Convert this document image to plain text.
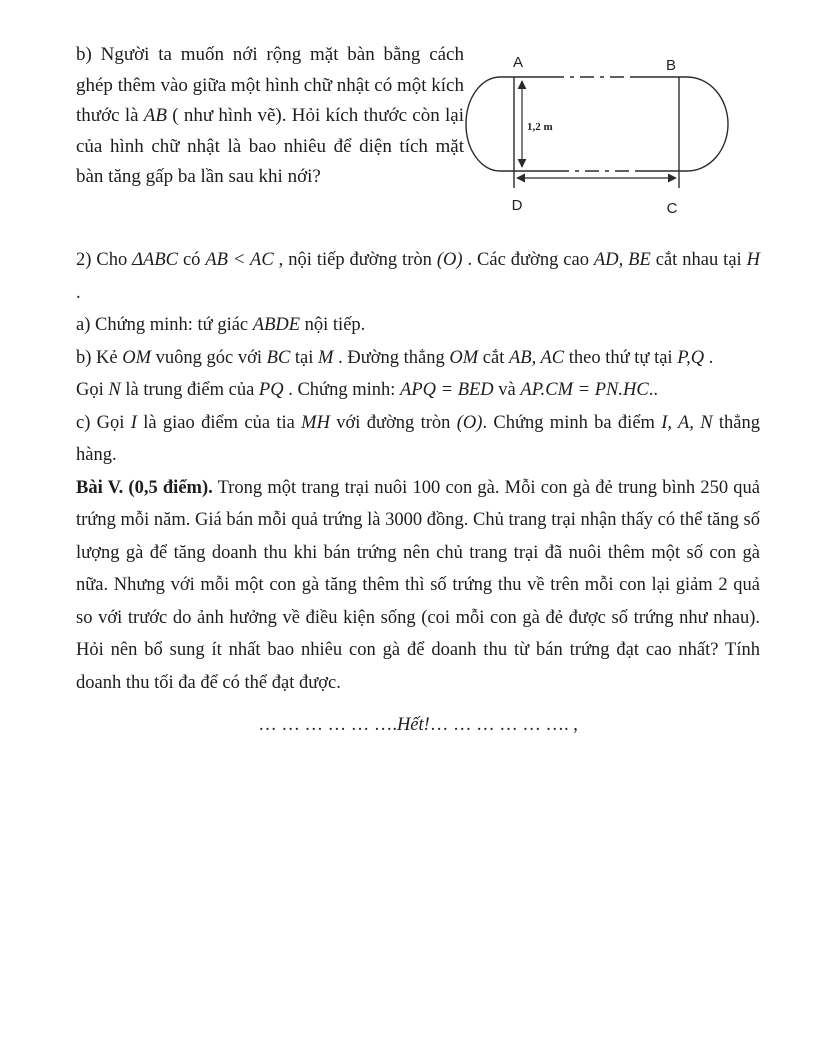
b) Người ta muốn nới rộng mặt bàn bằng cách ghép thêm vào giữa một hình chữ nhật có một kích thước là AB ( như hình vẽ). Hỏi kích thước còn lại của hình chữ nhật là bao nhiêu để diện tích mặt bàn tăng gấp ba lần sau khi nới?
A	B
D	C
1,2 m

2) Cho ΔABC có AB < AC , nội tiếp đường tròn (O) . Các đường cao AD, BE cắt nhau tại H .

a) Chứng minh: tứ giác ABDE nội tiếp.

b) Kẻ OM vuông góc với BC tại M . Đường thẳng OM cắt AB, AC theo thứ tự tại P,Q .

Gọi N là trung điểm của PQ . Chứng minh: APQ = BED và AP.CM = PN.HC..

c) Gọi I là giao điểm của tia MH với đường tròn (O). Chứng minh ba điểm I, A, N thẳng hàng.

Bài V. (0,5 điểm). Trong một trang trại nuôi 100 con gà. Mỗi con gà đẻ trung bình 250 quả trứng mỗi năm. Giá bán mỗi quả trứng là 3000 đồng. Chủ trang trại nhận thấy có thể tăng số lượng gà để tăng doanh thu khi bán trứng nên chủ trang trại đã nuôi thêm một số con gà nữa. Nhưng với mỗi một con gà tăng thêm thì số trứng thu về trên mỗi con lại giảm 2 quả so với trước do ảnh hưởng về điều kiện sống (coi mỗi con gà đẻ được số trứng như nhau). Hỏi nên bổ sung ít nhất bao nhiêu con gà để doanh thu từ bán trứng đạt cao nhất? Tính doanh thu tối đa để có thể đạt được.

… … … … … ….Hết!… … … … … …. ,
